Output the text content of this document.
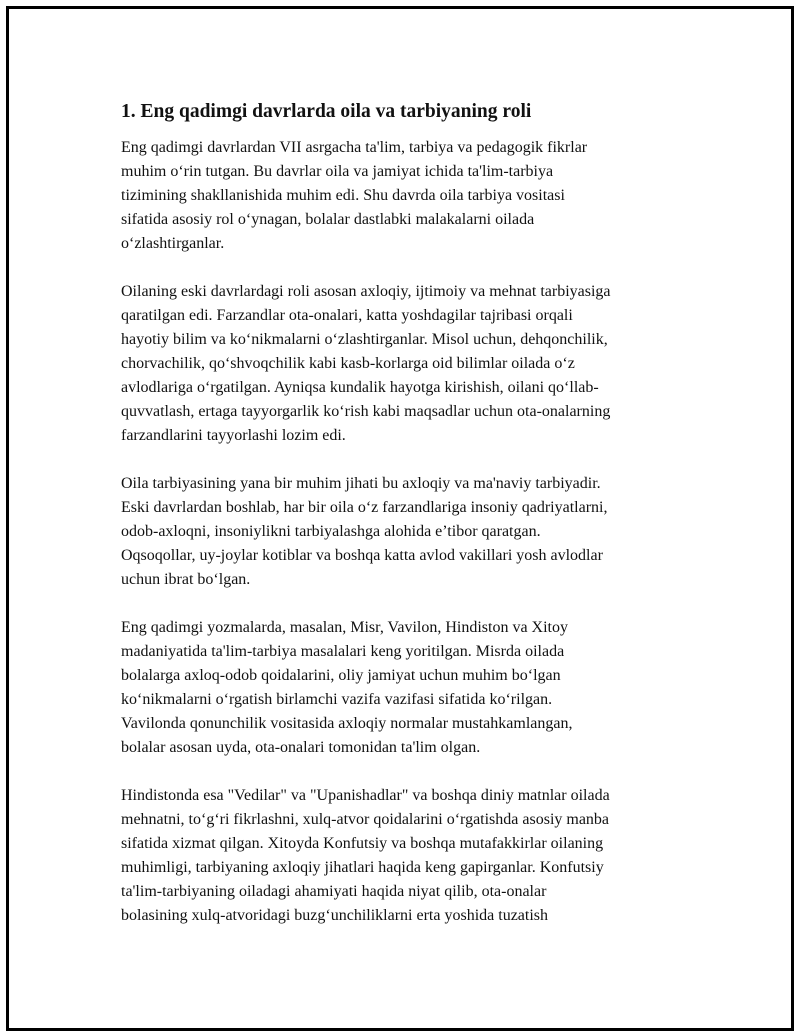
1. Eng qadimgi davrlarda oila va tarbiyaning roli
Eng qadimgi davrlardan VII asrgacha ta'lim, tarbiya va pedagogik fikrlar
muhim o‘rin tutgan. Bu davrlar oila va jamiyat ichida ta'lim-tarbiya
tizimining shakllanishida muhim edi. Shu davrda oila tarbiya vositasi
sifatida asosiy rol o‘ynagan, bolalar dastlabki malakalarni oilada
o‘zlashtirganlar.
Oilaning eski davrlardagi roli asosan axloqiy, ijtimoiy va mehnat tarbiyasiga
qaratilgan edi. Farzandlar ota-onalari, katta yoshdagilar tajribasi orqali
hayotiy bilim va ko‘nikmalarni o‘zlashtirganlar. Misol uchun, dehqonchilik,
chorvachilik, qo‘shvoqchilik kabi kasb-korlarga oid bilimlar oilada o‘z
avlodlariga o‘rgatilgan. Ayniqsa kundalik hayotga kirishish, oilani qo‘llab-
quvvatlash, ertaga tayyorgarlik ko‘rish kabi maqsadlar uchun ota-onalarning
farzandlarini tayyorlashi lozim edi.
Oila tarbiyasining yana bir muhim jihati bu axloqiy va ma'naviy tarbiyadir.
Eski davrlardan boshlab, har bir oila o‘z farzandlariga insoniy qadriyatlarni,
odob-axloqni, insoniylikni tarbiyalashga alohida e’tibor qaratgan.
Oqsoqollar, uy-joylar kotiblar va boshqa katta avlod vakillari yosh avlodlar
uchun ibrat bo‘lgan.
Eng qadimgi yozmalarda, masalan, Misr, Vavilon, Hindiston va Xitoy
madaniyatida ta'lim-tarbiya masalalari keng yoritilgan. Misrda oilada
bolalarga axloq-odob qoidalarini, oliy jamiyat uchun muhim bo‘lgan
ko‘nikmalarni o‘rgatish birlamchi vazifa vazifasi sifatida ko‘rilgan.
Vavilonda qonunchilik vositasida axloqiy normalar mustahkamlangan,
bolalar asosan uyda, ota-onalari tomonidan ta'lim olgan.
Hindistonda esa "Vedilar" va "Upanishadlar" va boshqa diniy matnlar oilada
mehnatni, to‘g‘ri fikrlashni, xulq-atvor qoidalarini o‘rgatishda asosiy manba
sifatida xizmat qilgan. Xitoyda Konfutsiy va boshqa mutafakkirlar oilaning
muhimligi, tarbiyaning axloqiy jihatlari haqida keng gapirganlar. Konfutsiy
ta'lim-tarbiyaning oiladagi ahamiyati haqida niyat qilib, ota-onalar
bolasining xulq-atvoridagi buzg‘unchiliklarni erta yoshida tuzatish
